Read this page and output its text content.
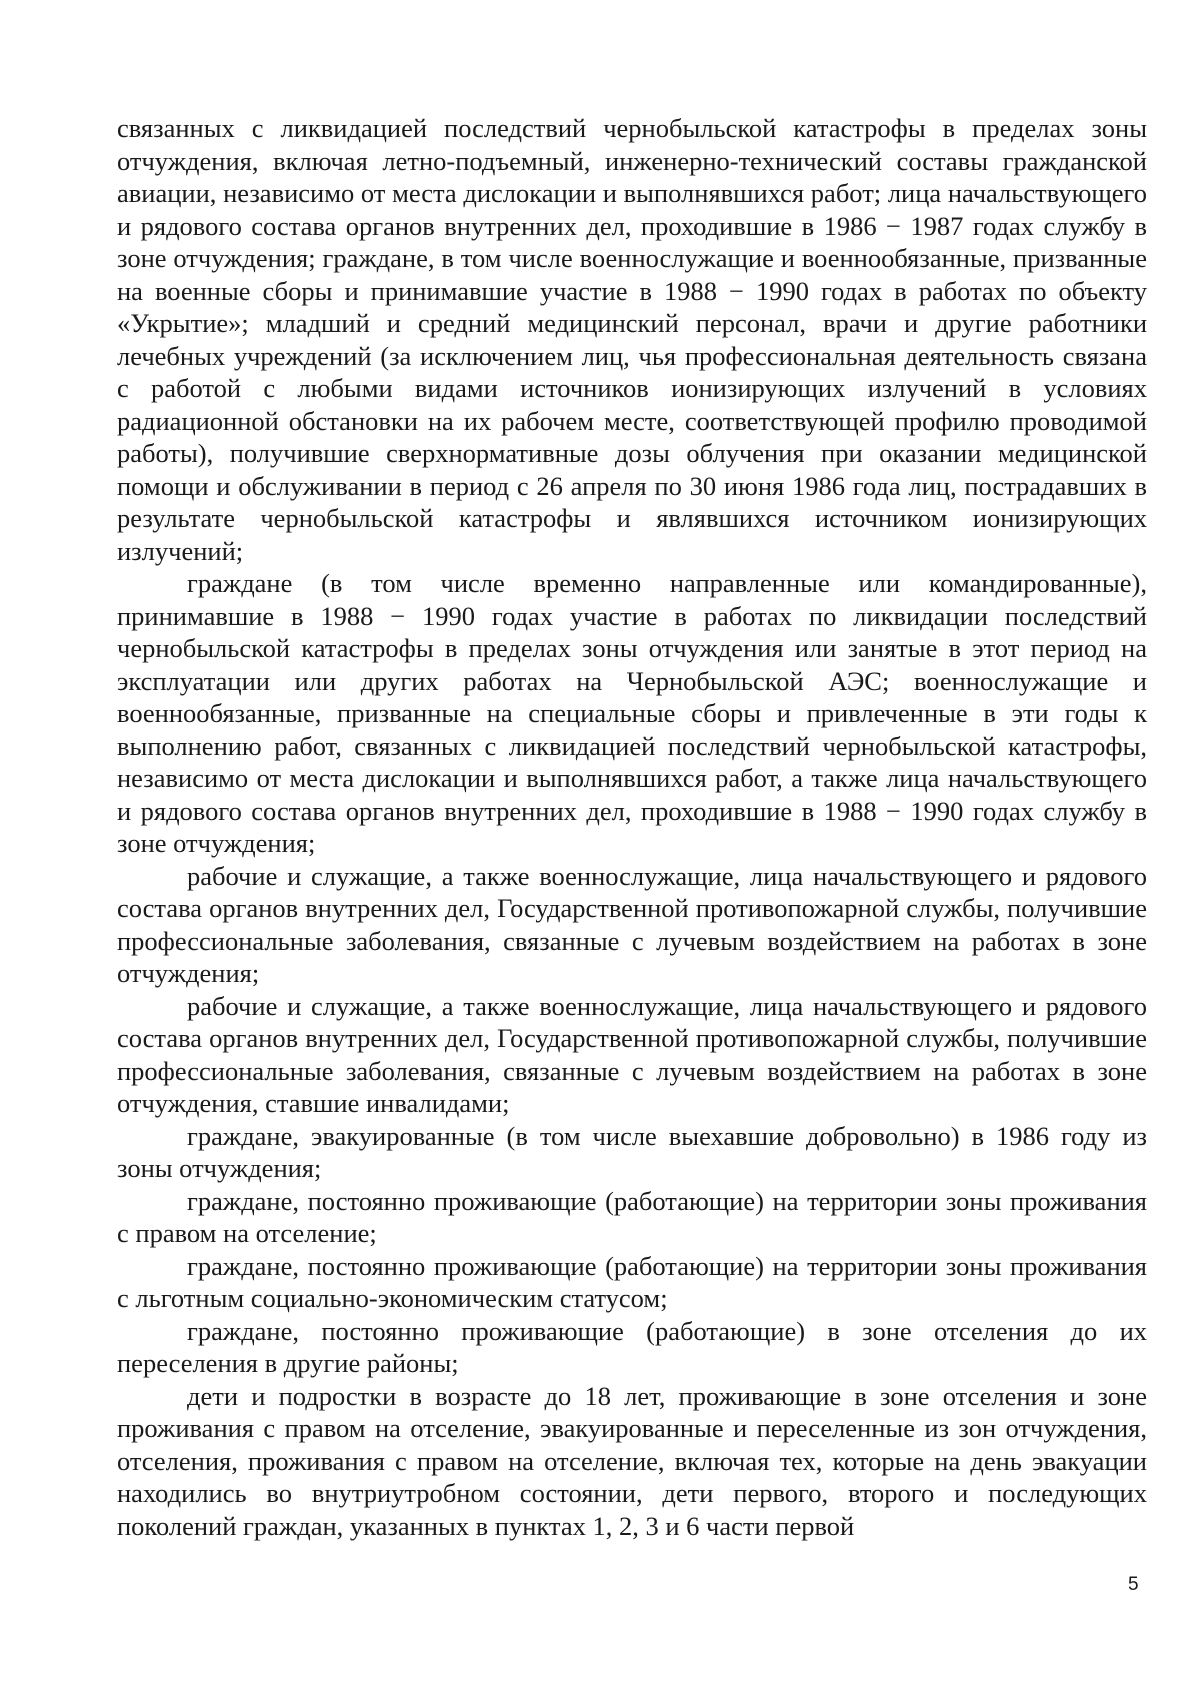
связанных с ликвидацией последствий чернобыльской катастрофы в пределах зоны отчуждения, включая летно-подъемный, инженерно-технический составы гражданской авиации, независимо от места дислокации и выполнявшихся работ; лица начальствующего и рядового состава органов внутренних дел, проходившие в 1986 − 1987 годах службу в зоне отчуждения; граждане, в том числе военнослужащие и военнообязанные, призванные на военные сборы и принимавшие участие в 1988 − 1990 годах в работах по объекту «Укрытие»; младший и средний медицинский персонал, врачи и другие работники лечебных учреждений (за исключением лиц, чья профессиональная деятельность связана с работой с любыми видами источников ионизирующих излучений в условиях радиационной обстановки на их рабочем месте, соответствующей профилю проводимой работы), получившие сверхнормативные дозы облучения при оказании медицинской помощи и обслуживании в период с 26 апреля по 30 июня 1986 года лиц, пострадавших в результате чернобыльской катастрофы и являвшихся источником ионизирующих излучений;

граждане (в том числе временно направленные или командированные), принимавшие в 1988 − 1990 годах участие в работах по ликвидации последствий чернобыльской катастрофы в пределах зоны отчуждения или занятые в этот период на эксплуатации или других работах на Чернобыльской АЭС; военнослужащие и военнообязанные, призванные на специальные сборы и привлеченные в эти годы к выполнению работ, связанных с ликвидацией последствий чернобыльской катастрофы, независимо от места дислокации и выполнявшихся работ, а также лица начальствующего и рядового состава органов внутренних дел, проходившие в 1988 − 1990 годах службу в зоне отчуждения;

рабочие и служащие, а также военнослужащие, лица начальствующего и рядового состава органов внутренних дел, Государственной противопожарной службы, получившие профессиональные заболевания, связанные с лучевым воздействием на работах в зоне отчуждения;

рабочие и служащие, а также военнослужащие, лица начальствующего и рядового состава органов внутренних дел, Государственной противопожарной службы, получившие профессиональные заболевания, связанные с лучевым воздействием на работах в зоне отчуждения, ставшие инвалидами;

граждане, эвакуированные (в том числе выехавшие добровольно) в 1986 году из зоны отчуждения;

граждане, постоянно проживающие (работающие) на территории зоны проживания с правом на отселение;

граждане, постоянно проживающие (работающие) на территории зоны проживания с льготным социально-экономическим статусом;

граждане, постоянно проживающие (работающие) в зоне отселения до их переселения в другие районы;

дети и подростки в возрасте до 18 лет, проживающие в зоне отселения и зоне проживания с правом на отселение, эвакуированные и переселенные из зон отчуждения, отселения, проживания с правом на отселение, включая тех, которые на день эвакуации находились во внутриутробном состоянии, дети первого, второго и последующих поколений граждан, указанных в пунктах 1, 2, 3 и 6 части первой

5
